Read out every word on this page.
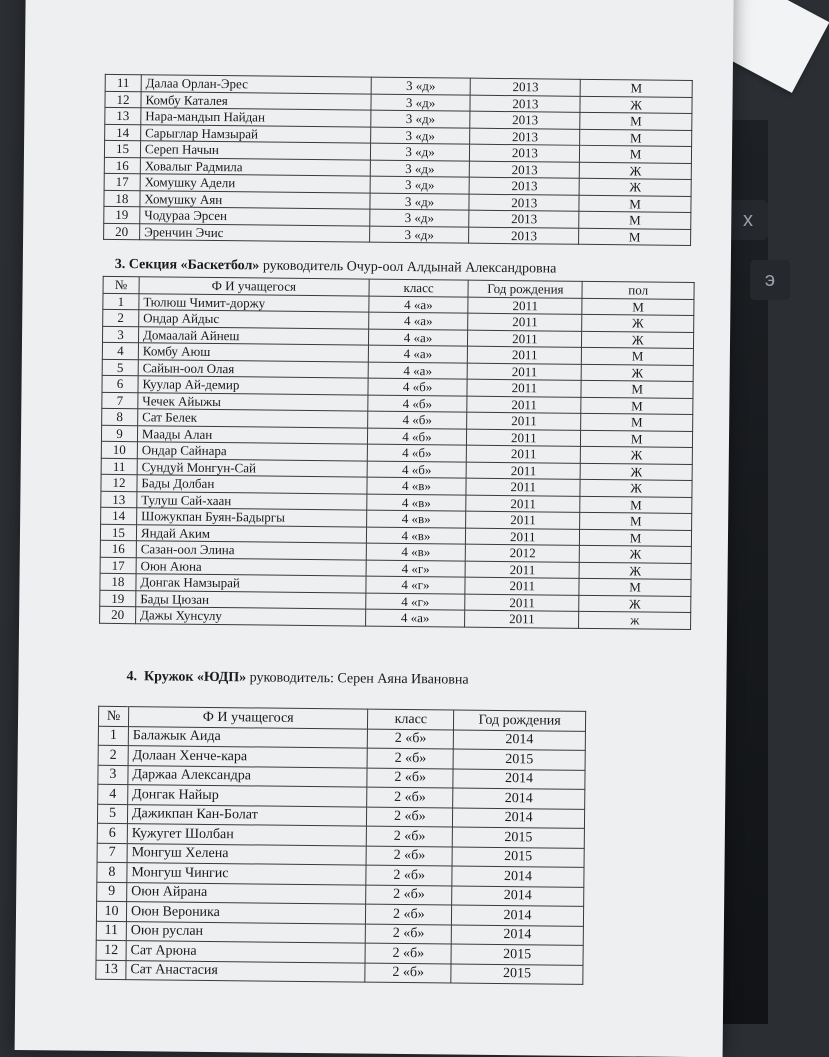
х
э
11	Далаа Орлан-Эрес	3 «д»	2013	М
12	Комбу Каталея	3 «д»	2013	Ж
13	Нара-мандып Найдан	3 «д»	2013	М
14	Сарыглар Намзырай	3 «д»	2013	М
15	Сереп Начын	3 «д»	2013	М
16	Ховалыг Радмила	3 «д»	2013	Ж
17	Хомушку Адели	3 «д»	2013	Ж
18	Хомушку Аян	3 «д»	2013	М
19	Чодураа Эрсен	3 «д»	2013	М
20	Эренчин Эчис	3 «д»	2013	М
3. Секция «Баскетбол» руководитель Очур-оол Алдынай Александровна
№	Ф И учащегося	класс	Год рождения	пол
1	Тюлюш Чимит-доржу	4 «а»	2011	М
2	Ондар Айдыс	4 «а»	2011	Ж
3	Домаалай Айнеш	4 «а»	2011	Ж
4	Комбу Аюш	4 «а»	2011	М
5	Сайын-оол Олая	4 «а»	2011	Ж
6	Куулар Ай-демир	4 «б»	2011	М
7	Чечек Айыжы	4 «б»	2011	М
8	Сат Белек	4 «б»	2011	М
9	Маады Алан	4 «б»	2011	М
10	Ондар Сайнара	4 «б»	2011	Ж
11	Сундуй Монгун-Сай	4 «б»	2011	Ж
12	Бады Долбан	4 «в»	2011	Ж
13	Тулуш Сай-хаан	4 «в»	2011	М
14	Шожукпан Буян-Бадыргы	4 «в»	2011	М
15	Яндай Аким	4 «в»	2011	М
16	Сазан-оол Элина	4 «в»	2012	Ж
17	Оюн Аюна	4 «г»	2011	Ж
18	Донгак Намзырай	4 «г»	2011	М
19	Бады Цюзан	4 «г»	2011	Ж
20	Дажы Хунсулу	4 «а»	2011	ж
4. Кружок «ЮДП» руководитель: Серен Аяна Ивановна
№	Ф И учащегося	класс	Год рождения
1	Балажык Аида	2 «б»	2014
2	Долаан Хенче-кара	2 «б»	2015
3	Даржаа Александра	2 «б»	2014
4	Донгак Найыр	2 «б»	2014
5	Дажикпан Кан-Болат	2 «б»	2014
6	Кужугет Шолбан	2 «б»	2015
7	Монгуш Хелена	2 «б»	2015
8	Монгуш Чингис	2 «б»	2014
9	Оюн Айрана	2 «б»	2014
10	Оюн Вероника	2 «б»	2014
11	Оюн руслан	2 «б»	2014
12	Сат Арюна	2 «б»	2015
13	Сат Анастасия	2 «б»	2015
